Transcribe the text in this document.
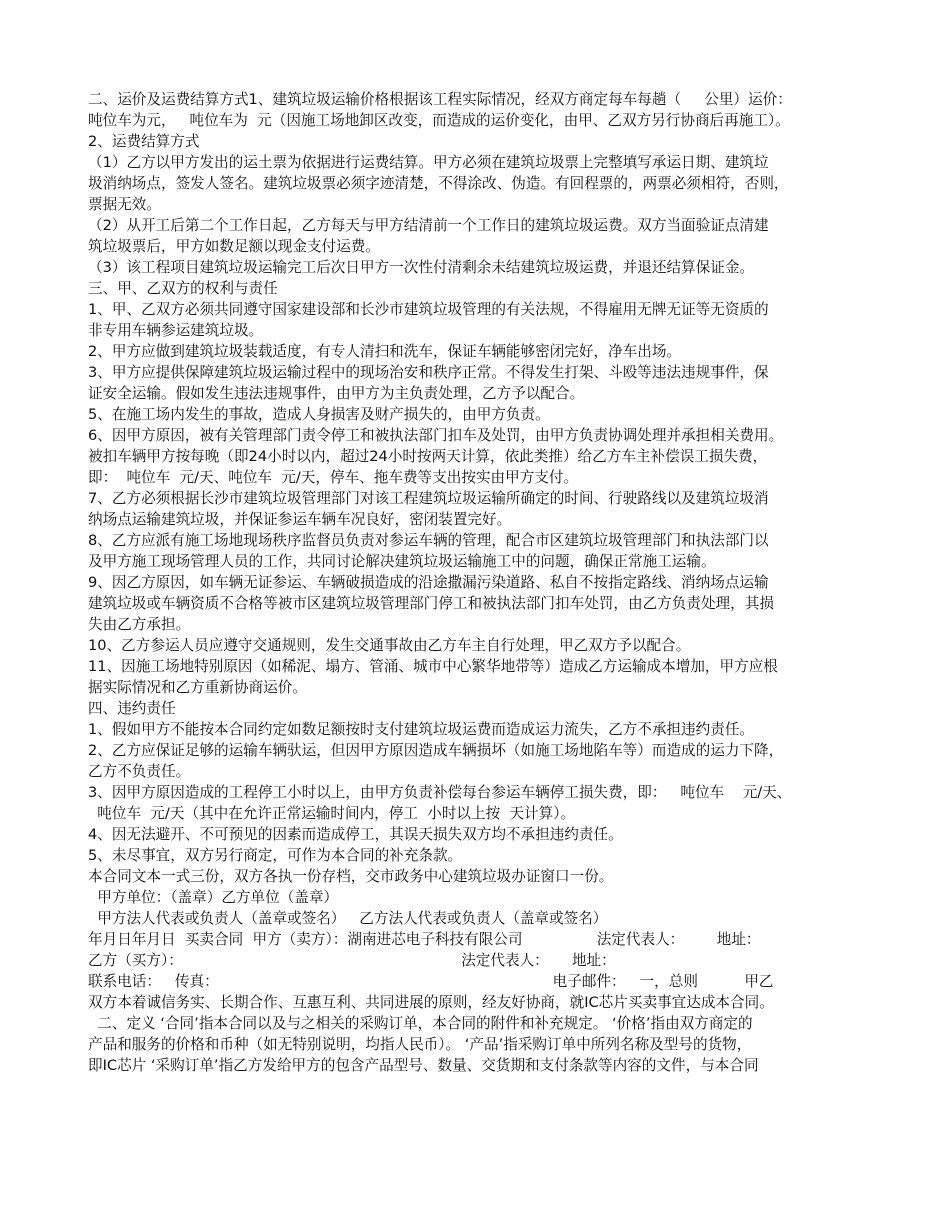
二、运价及运费结算方式1、建筑垃圾运输价格根据该工程实际情况，经双方商定每车每趟（     公里）运价：
吨位车为元，   吨位车为  元（因施工场地卸区改变，而造成的运价变化，由甲、乙双方另行协商后再施工）。
2、运费结算方式
（1）乙方以甲方发出的运土票为依据进行运费结算。甲方必须在建筑垃圾票上完整填写承运日期、建筑垃
圾消纳场点，签发人签名。建筑垃圾票必须字迹清楚，不得涂改、伪造。有回程票的，两票必须相符，否则，
票据无效。
（2）从开工后第二个工作日起，乙方每天与甲方结清前一个工作日的建筑垃圾运费。双方当面验证点清建
筑垃圾票后，甲方如数足额以现金支付运费。
（3）该工程项目建筑垃圾运输完工后次日甲方一次性付清剩余未结建筑垃圾运费，并退还结算保证金。
三、甲、乙双方的权利与责任
1、甲、乙双方必须共同遵守国家建设部和长沙市建筑垃圾管理的有关法规，不得雇用无牌无证等无资质的
非专用车辆参运建筑垃圾。
2、甲方应做到建筑垃圾装载适度，有专人清扫和洗车，保证车辆能够密闭完好，净车出场。
3、甲方应提供保障建筑垃圾运输过程中的现场治安和秩序正常。不得发生打架、斗殴等违法违规事件，保
证安全运输。假如发生违法违规事件，由甲方为主负责处理，乙方予以配合。
5、在施工场内发生的事故，造成人身损害及财产损失的，由甲方负责。
6、因甲方原因，被有关管理部门责令停工和被执法部门扣车及处罚，由甲方负责协调处理并承担相关费用。
被扣车辆甲方按每晚（即24小时以内，超过24小时按两天计算，依此类推）给乙方车主补偿误工损失费，
即：  吨位车  元/天、吨位车  元/天，停车、拖车费等支出按实由甲方支付。
7、乙方必须根据长沙市建筑垃圾管理部门对该工程建筑垃圾运输所确定的时间、行驶路线以及建筑垃圾消
纳场点运输建筑垃圾，并保证参运车辆车况良好，密闭装置完好。
8、乙方应派有施工场地现场秩序监督员负责对参运车辆的管理，配合市区建筑垃圾管理部门和执法部门以
及甲方施工现场管理人员的工作，共同讨论解决建筑垃圾运输施工中的问题，确保正常施工运输。
9、因乙方原因，如车辆无证参运、车辆破损造成的沿途撒漏污染道路、私自不按指定路线、消纳场点运输
建筑垃圾或车辆资质不合格等被市区建筑垃圾管理部门停工和被执法部门扣车处罚，由乙方负责处理，其损
失由乙方承担。
10、乙方参运人员应遵守交通规则，发生交通事故由乙方车主自行处理，甲乙双方予以配合。
11、因施工场地特别原因（如稀泥、塌方、管涌、城市中心繁华地带等）造成乙方运输成本增加，甲方应根
据实际情况和乙方重新协商运价。
四、违约责任
1、假如甲方不能按本合同约定如数足额按时支付建筑垃圾运费而造成运力流失，乙方不承担违约责任。
2、乙方应保证足够的运输车辆驮运，但因甲方原因造成车辆损坏（如施工场地陷车等）而造成的运力下降，
乙方不负责任。
3、因甲方原因造成的工程停工小时以上，由甲方负责补偿每台参运车辆停工损失费，即：   吨位车    元/天、
吨位车  元/天（其中在允许正常运输时间内，停工  小时以上按  天计算）。
4、因无法避开、不可预见的因素而造成停工，其误天损失双方均不承担违约责任。
5、未尽事宜，双方另行商定，可作为本合同的补充条款。
本合同文本一式三份，双方各执一份存档，交市政务中心建筑垃圾办证窗口一份。
甲方单位：（盖章）乙方单位（盖章）
甲方法人代表或负责人（盖章或签名）   乙方法人代表或负责人（盖章或签名）
年月日年月日  买卖合同  甲方（卖方）：湖南进芯电子科技有限公司                法定代表人：       地址：
乙方（买方）：                                                            法定代表人：     地址：
联系电话：   传真：                                                                        电子邮件：   一，总则          甲乙
双方本着诚信务实、长期合作、互惠互利、共同进展的原则，经友好协商，就IC芯片买卖事宜达成本合同。
二、定义 ‘合同’指本合同以及与之相关的采购订单，本合同的附件和补充规定。 ‘价格’指由双方商定的
产品和服务的价格和币种（如无特别说明，均指人民币）。 ‘产品’指采购订单中所列名称及型号的货物，
即IC芯片 ‘采购订单’指乙方发给甲方的包含产品型号、数量、交货期和支付条款等内容的文件，与本合同
